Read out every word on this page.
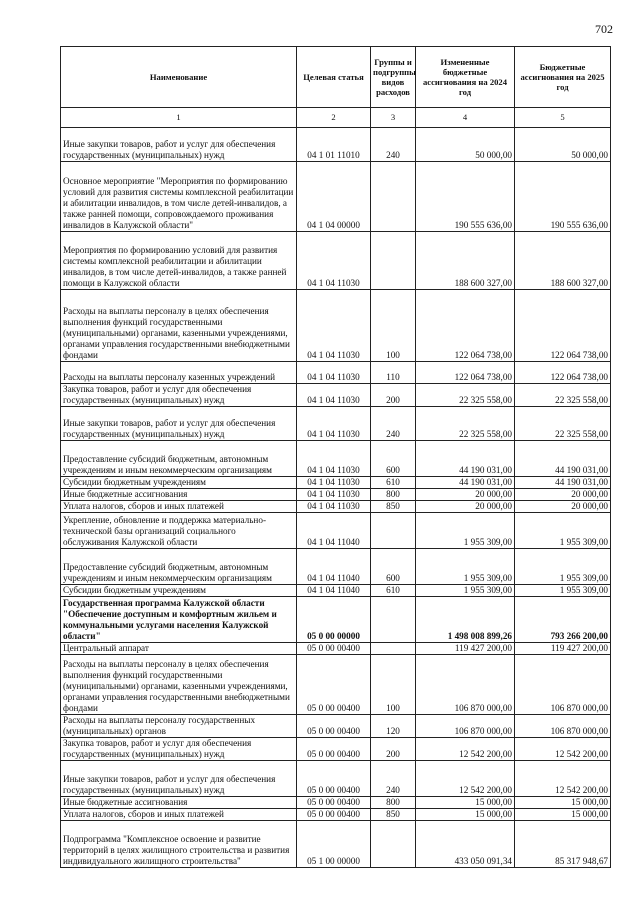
702
Наименование	Целевая статья	Группы и подгруппы видов расходов	Измененные бюджетные ассигнования на 2024 год	Бюджетные ассигнования на 2025 год
1	2	3	4	5
Иные закупки товаров, работ и услуг для обеспечения государственных (муниципальных) нужд	04 1 01 11010	240	50 000,00	50 000,00
Основное мероприятие "Мероприятия по формированию условий для развития системы комплексной реабилитации и абилитации инвалидов, в том числе детей-инвалидов, а также ранней помощи, сопровождаемого проживания инвалидов в Калужской области"	04 1 04 00000		190 555 636,00	190 555 636,00
Мероприятия по формированию условий для развития системы комплексной реабилитации и абилитации инвалидов, в том числе детей-инвалидов, а также ранней помощи в Калужской области	04 1 04 11030		188 600 327,00	188 600 327,00
Расходы на выплаты персоналу в целях обеспечения выполнения функций государственными (муниципальными) органами, казенными учреждениями, органами управления государственными внебюджетными фондами	04 1 04 11030	100	122 064 738,00	122 064 738,00
Расходы на выплаты персоналу казенных учреждений	04 1 04 11030	110	122 064 738,00	122 064 738,00
Закупка товаров, работ и услуг для обеспечения государственных (муниципальных) нужд	04 1 04 11030	200	22 325 558,00	22 325 558,00
Иные закупки товаров, работ и услуг для обеспечения государственных (муниципальных) нужд	04 1 04 11030	240	22 325 558,00	22 325 558,00
Предоставление субсидий бюджетным, автономным учреждениям и иным некоммерческим организациям	04 1 04 11030	600	44 190 031,00	44 190 031,00
Субсидии бюджетным учреждениям	04 1 04 11030	610	44 190 031,00	44 190 031,00
Иные бюджетные ассигнования	04 1 04 11030	800	20 000,00	20 000,00
Уплата налогов, сборов и иных платежей	04 1 04 11030	850	20 000,00	20 000,00
Укрепление, обновление и поддержка материально-технической базы организаций социального обслуживания Калужской области	04 1 04 11040		1 955 309,00	1 955 309,00
Предоставление субсидий бюджетным, автономным учреждениям и иным некоммерческим организациям	04 1 04 11040	600	1 955 309,00	1 955 309,00
Субсидии бюджетным учреждениям	04 1 04 11040	610	1 955 309,00	1 955 309,00
Государственная программа Калужской области "Обеспечение доступным и комфортным жильем и коммунальными услугами населения Калужской области"	05 0 00 00000		1 498 008 899,26	793 266 200,00
Центральный аппарат	05 0 00 00400		119 427 200,00	119 427 200,00
Расходы на выплаты персоналу в целях обеспечения выполнения функций государственными (муниципальными) органами, казенными учреждениями, органами управления государственными внебюджетными фондами	05 0 00 00400	100	106 870 000,00	106 870 000,00
Расходы на выплаты персоналу государственных (муниципальных) органов	05 0 00 00400	120	106 870 000,00	106 870 000,00
Закупка товаров, работ и услуг для обеспечения государственных (муниципальных) нужд	05 0 00 00400	200	12 542 200,00	12 542 200,00
Иные закупки товаров, работ и услуг для обеспечения государственных (муниципальных) нужд	05 0 00 00400	240	12 542 200,00	12 542 200,00
Иные бюджетные ассигнования	05 0 00 00400	800	15 000,00	15 000,00
Уплата налогов, сборов и иных платежей	05 0 00 00400	850	15 000,00	15 000,00
Подпрограмма "Комплексное освоение и развитие территорий в целях жилищного строительства и развития индивидуального жилищного строительства"	05 1 00 00000		433 050 091,34	85 317 948,67
